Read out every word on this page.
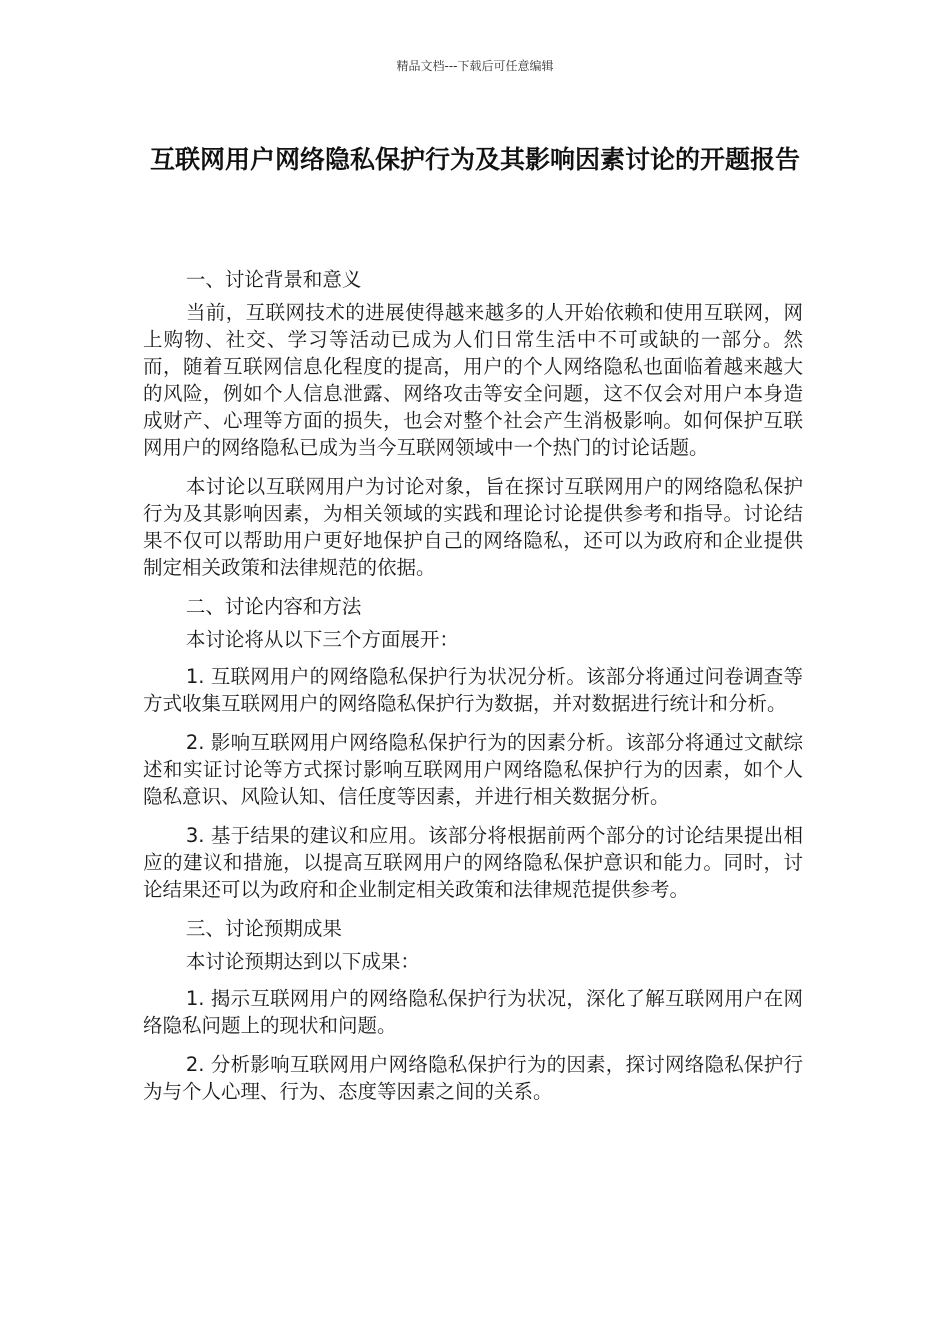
精品文档---下载后可任意编辑
互联网用户网络隐私保护行为及其影响因素讨论的开题报告

一、讨论背景和意义

当前，互联网技术的进展使得越来越多的人开始依赖和使用互联网，网上购物、社交、学习等活动已成为人们日常生活中不可或缺的一部分。然而，随着互联网信息化程度的提高，用户的个人网络隐私也面临着越来越大的风险，例如个人信息泄露、网络攻击等安全问题，这不仅会对用户本身造成财产、心理等方面的损失，也会对整个社会产生消极影响。如何保护互联网用户的网络隐私已成为当今互联网领域中一个热门的讨论话题。

本讨论以互联网用户为讨论对象，旨在探讨互联网用户的网络隐私保护行为及其影响因素，为相关领域的实践和理论讨论提供参考和指导。讨论结果不仅可以帮助用户更好地保护自己的网络隐私，还可以为政府和企业提供制定相关政策和法律规范的依据。

二、讨论内容和方法

本讨论将从以下三个方面展开：

1. 互联网用户的网络隐私保护行为状况分析。该部分将通过问卷调查等方式收集互联网用户的网络隐私保护行为数据，并对数据进行统计和分析。

2. 影响互联网用户网络隐私保护行为的因素分析。该部分将通过文献综述和实证讨论等方式探讨影响互联网用户网络隐私保护行为的因素，如个人隐私意识、风险认知、信任度等因素，并进行相关数据分析。

3. 基于结果的建议和应用。该部分将根据前两个部分的讨论结果提出相应的建议和措施，以提高互联网用户的网络隐私保护意识和能力。同时，讨论结果还可以为政府和企业制定相关政策和法律规范提供参考。

三、讨论预期成果

本讨论预期达到以下成果：

1. 揭示互联网用户的网络隐私保护行为状况，深化了解互联网用户在网络隐私问题上的现状和问题。

2. 分析影响互联网用户网络隐私保护行为的因素，探讨网络隐私保护行为与个人心理、行为、态度等因素之间的关系。
